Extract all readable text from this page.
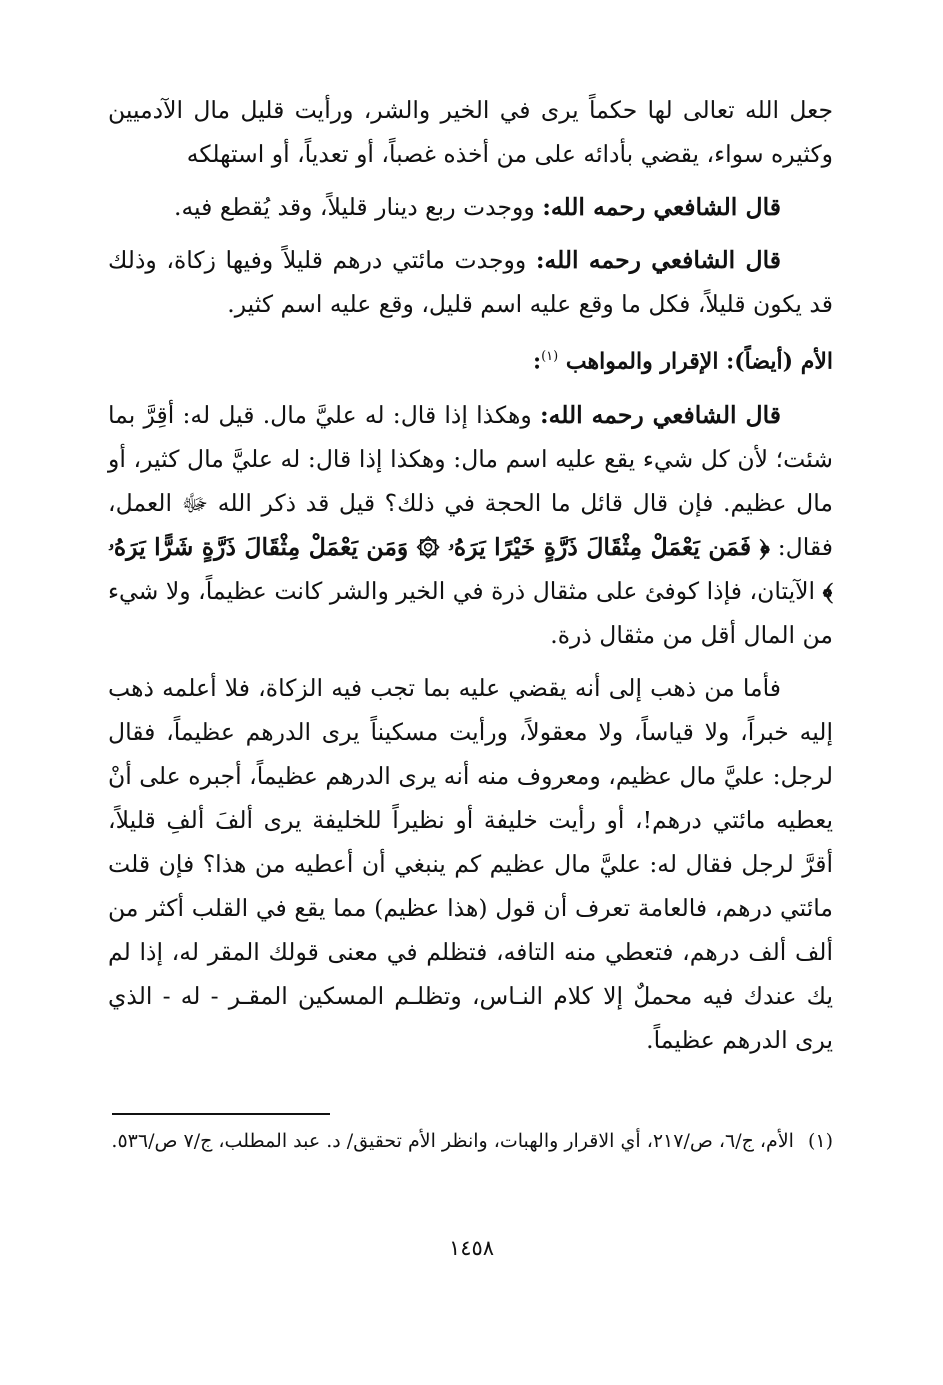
جعل الله تعالى لها حكماً يرى في الخير والشر، ورأيت قليل مال الآدميين وكثيره سواء، يقضي بأدائه على من أخذه غصباً، أو تعدياً، أو استهلكه

قال الشافعي رحمه الله: ووجدت ربع دينار قليلاً، وقد يُقطع فيه.

قال الشافعي رحمه الله: ووجدت مائتي درهم قليلاً وفيها زكاة، وذلك قد يكون قليلاً، فكل ما وقع عليه اسم قليل، وقع عليه اسم كثير.

الأم (أيضاً): الإقرار والمواهب $^{(١)}$:

قال الشافعي رحمه الله: وهكذا إذا قال: له عليَّ مال. قيل له: أقِرَّ بما شئت؛ لأن كل شيء يقع عليه اسم مال: وهكذا إذا قال: له عليَّ مال كثير، أو مال عظيم. فإن قال قائل ما الحجة في ذلك؟ قيل قد ذكر الله ﷻ العمل، فقال: ﴿ فَمَن يَعْمَلْ مِثْقَالَ ذَرَّةٍ خَيْرًا يَرَهُۥ ۞ وَمَن يَعْمَلْ مِثْقَالَ ذَرَّةٍ شَرًّا يَرَهُۥ ﴾ الآيتان، فإذا كوفئ على مثقال ذرة في الخير والشر كانت عظيماً، ولا شيء من المال أقل من مثقال ذرة.

فأما من ذهب إلى أنه يقضي عليه بما تجب فيه الزكاة، فلا أعلمه ذهب إليه خبراً، ولا قياساً، ولا معقولاً، ورأيت مسكيناً يرى الدرهم عظيماً، فقال لرجل: عليَّ مال عظيم، ومعروف منه أنه يرى الدرهم عظيماً، أجبره على أنْ يعطيه مائتي درهم!، أو رأيت خليفة أو نظيراً للخليفة يرى ألفَ ألفِ قليلاً، أقرَّ لرجل فقال له: عليَّ مال عظيم كم ينبغي أن أعطيه من هذا؟ فإن قلت مائتي درهم، فالعامة تعرف أن قول (هذا عظيم) مما يقع في القلب أكثر من ألف ألف درهم، فتعطي منه التافه، فتظلم في معنى قولك المقر له، إذا لم يك عندك فيه محملٌ إلا كلام النـاس، وتظلـم المسكين المقـر - له - الذي يرى الدرهم عظيماً.

(١)الأم، ج/٦، ص/٢١٧، أي الاقرار والهبات، وانظر الأم تحقيق/ د. عبد المطلب، ج/٧ ص/٥٣٦.
١٤٥٨
